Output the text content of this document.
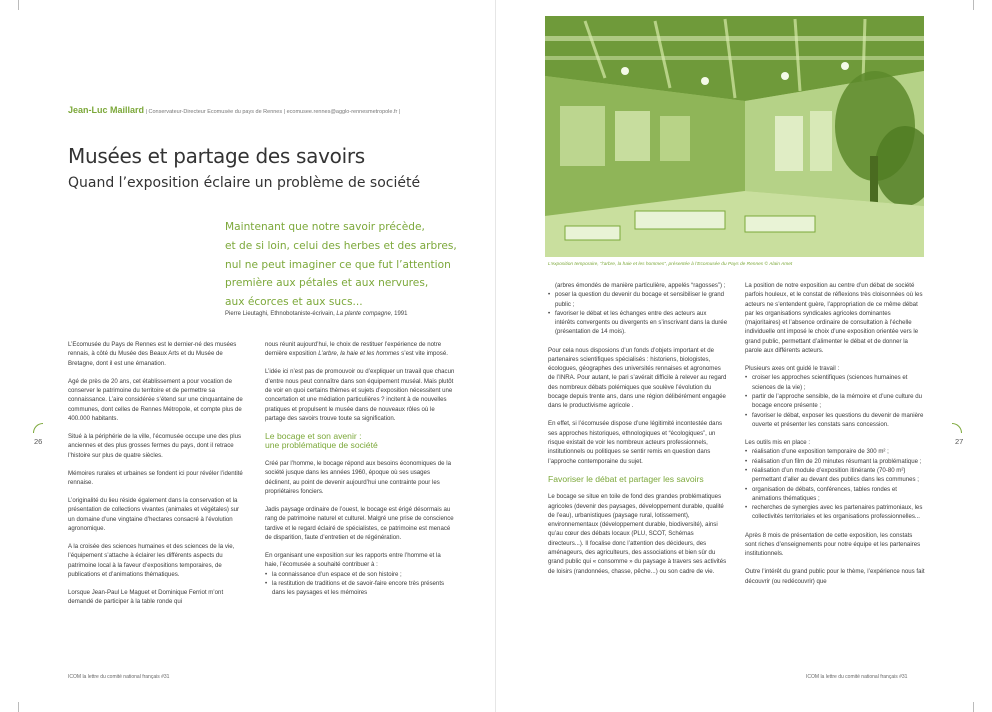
Jean-Luc Maillard | Conservateur-Directeur Ecomusée du pays de Rennes | ecomusee.rennes@agglo-rennesmetropole.fr |
Musées et partage des savoirs
Quand l’exposition éclaire un problème de société
Maintenant que notre savoir précède,
et de si loin, celui des herbes et des arbres,
nul ne peut imaginer ce que fut l’attention
première aux pétales et aux nervures,
aux écorces et aux sucs...
Pierre Lieutaghi, Ethnobotaniste-écrivain, La plante compagne, 1991

L’Ecomusée du Pays de Rennes est le dernier-né des musées rennais, à côté du Musée des Beaux Arts et du Musée de Bretagne, dont il est une émanation.

Agé de près de 20 ans, cet établissement a pour vocation de conserver le patrimoine du territoire et de permettre sa connaissance. L’aire considérée s’étend sur une cinquantaine de communes, dont celles de Rennes Métropole, et compte plus de 400.000 habitants.

Situé à la périphérie de la ville, l’écomusée occupe une des plus anciennes et des plus grosses fermes du pays, dont il retrace l’histoire sur plus de quatre siècles.

Mémoires rurales et urbaines se fondent ici pour révéler l’identité rennaise.

L’originalité du lieu réside également dans la conservation et la présentation de collections vivantes (animales et végétales) sur un domaine d’une vingtaine d’hectares consacré à l’évolution agronomique.

A la croisée des sciences humaines et des sciences de la vie, l’équipement s’attache à éclairer les différents aspects du patrimoine local à la faveur d’expositions temporaires, de publications et d’animations thématiques.

Lorsque Jean-Paul Le Maguet et Dominique Ferriot m’ont demandé de participer à la table ronde qui

nous réunit aujourd’hui, le choix de restituer l’expérience de notre dernière exposition L’arbre, la haie et les hommes s’est vite imposé.

L’idée ici n’est pas de promouvoir ou d’expliquer un travail que chacun d’entre nous peut connaître dans son équipement muséal. Mais plutôt de voir en quoi certains thèmes et sujets d’exposition nécessitent une concertation et une médiation particulières ? incitent à de nouvelles pratiques et propulsent le musée dans de nouveaux rôles où le partage des savoirs trouve toute sa signification.

Le bocage et son avenir :
une problématique de société

Créé par l’homme, le bocage répond aux besoins économiques de la société jusque dans les années 1960, époque où ses usages déclinent, au point de devenir aujourd’hui une contrainte pour les propriétaires fonciers.

Jadis paysage ordinaire de l’ouest, le bocage est érigé désormais au rang de patrimoine naturel et culturel. Malgré une prise de conscience tardive et le regard éclairé de spécialistes, ce patrimoine est menacé de disparition, faute d’entretien et de régénération.

En organisant une exposition sur les rapports entre l’homme et la haie, l’écomusée a souhaité contribuer à :

• la connaissance d’un espace et de son histoire ;
• la restitution de traditions et de savoir-faire encore très présents dans les paysages et les mémoires
26
ICOM la lettre du comité national français #31
L’exposition temporaire, “l’arbre, la haie et les hommes”, présentée à l’Ecomusée du Pays de Rennes © Alain Amet
(arbres émondés de manière particulière, appelés “ragosses”) ;
• poser la question du devenir du bocage et sensibiliser le grand public ;
• favoriser le débat et les échanges entre des acteurs aux intérêts convergents ou divergents en s’inscrivant dans la durée (présentation de 14 mois).

Pour cela nous disposions d’un fonds d’objets important et de partenaires scientifiques spécialisés : historiens, biologistes, écologues, géographes des universités rennaises et agronomes de l’INRA. Pour autant, le pari s’avérait difficile à relever au regard des nombreux débats polémiques que soulève l’évolution du bocage depuis trente ans, dans une région délibérément engagée dans le productivisme agricole .

En effet, si l’écomusée dispose d’une légitimité incontestée dans ses approches historiques, ethnologiques et “écologiques”, un risque existait de voir les nombreux acteurs professionnels, institutionnels ou politiques se sentir remis en question dans l’approche contemporaine du sujet.

Favoriser le débat et partager les savoirs

Le bocage se situe en toile de fond des grandes problématiques agricoles (devenir des paysages, développement durable, qualité de l’eau), urbanistiques (paysage rural, lotissement), environnementaux (développement durable, biodiversité), ainsi qu’au cœur des débats locaux (PLU, SCOT, Schémas directeurs...). Il focalise donc l’attention des décideurs, des aménageurs, des agriculteurs, des associations et bien sûr du grand public qui « consomme » du paysage à travers ses activités de loisirs (randonnées, chasse, pêche...) ou son cadre de vie.

La position de notre exposition au centre d’un débat de société parfois houleux, et le constat de réflexions très cloisonnées où les acteurs ne s’entendent guère, l’appropriation de ce même débat par les organisations syndicales agricoles dominantes (majoritaires) et l’absence ordinaire de consultation à l’échelle individuelle ont imposé le choix d’une exposition orientée vers le grand public, permettant d’alimenter le débat et de donner la parole aux différents acteurs.

Plusieurs axes ont guidé le travail :

• croiser les approches scientifiques (sciences humaines et sciences de la vie) ;
• partir de l’approche sensible, de la mémoire et d’une culture du bocage encore présente ;
• favoriser le débat, exposer les questions du devenir de manière ouverte et présenter les constats sans concession.

Les outils mis en place :

• réalisation d’une exposition temporaire de 300 m² ;
• réalisation d’un film de 20 minutes résumant la problématique ;
• réalisation d’un module d’exposition itinérante (70-80 m²) permettant d’aller au devant des publics dans les communes ;
• organisation de débats, conférences, tables rondes et animations thématiques ;
• recherches de synergies avec les partenaires patrimoniaux, les collectivités territoriales et les organisations professionnelles...

Après 8 mois de présentation de cette exposition, les constats sont riches d’enseignements pour notre équipe et les partenaires institutionnels.

Outre l’intérêt du grand public pour le thème, l’expérience nous fait découvrir (ou redécouvrir) que

27
ICOM la lettre du comité national français #31
